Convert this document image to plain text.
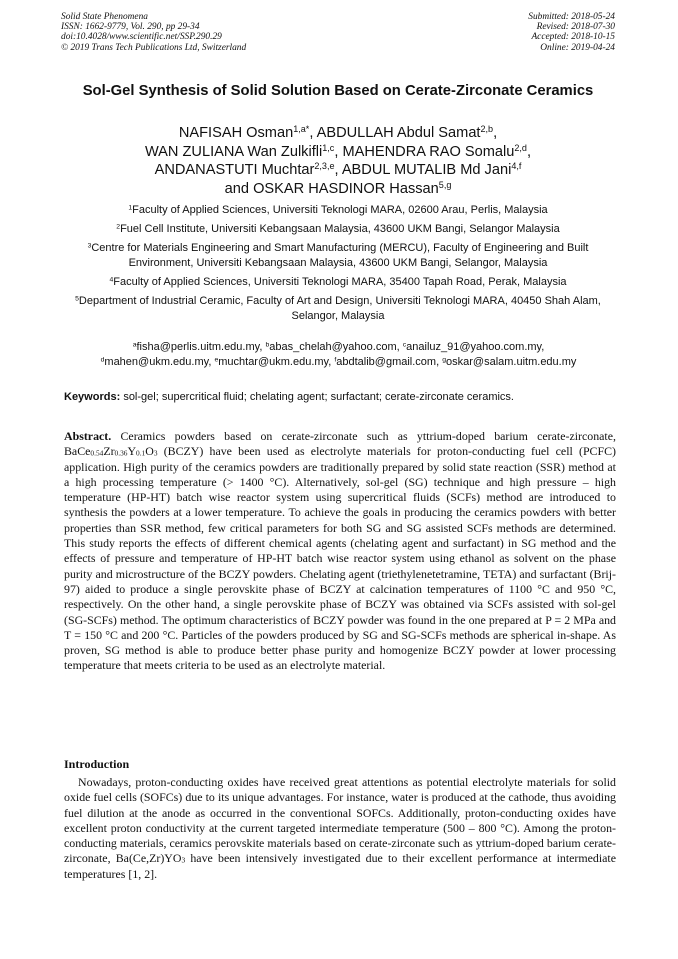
Solid State Phenomena
ISSN: 1662-9779, Vol. 290, pp 29-34
doi:10.4028/www.scientific.net/SSP.290.29
© 2019 Trans Tech Publications Ltd, Switzerland
Submitted: 2018-05-24
Revised: 2018-07-30
Accepted: 2018-10-15
Online: 2019-04-24
Sol-Gel Synthesis of Solid Solution Based on Cerate-Zirconate Ceramics
NAFISAH Osman$^{1,a*}$, ABDULLAH Abdul Samat$^{2,b}$,
WAN ZULIANA Wan Zulkifli$^{1,c}$, MAHENDRA RAO Somalu$^{2,d}$,
ANDANASTUTI Muchtar$^{2,3,e}$, ABDUL MUTALIB Md Jani$^{4,f}$
and OSKAR HASDINOR Hassan$^{5,g}$
$^1$Faculty of Applied Sciences, Universiti Teknologi MARA, 02600 Arau, Perlis, Malaysia
$^2$Fuel Cell Institute, Universiti Kebangsaan Malaysia, 43600 UKM Bangi, Selangor Malaysia
$^3$Centre for Materials Engineering and Smart Manufacturing (MERCU), Faculty of Engineering and Built Environment, Universiti Kebangsaan Malaysia, 43600 UKM Bangi, Selangor, Malaysia
$^4$Faculty of Applied Sciences, Universiti Teknologi MARA, 35400 Tapah Road, Perak, Malaysia
$^5$Department of Industrial Ceramic, Faculty of Art and Design, Universiti Teknologi MARA, 40450 Shah Alam, Selangor, Malaysia
$^a$fisha@perlis.uitm.edu.my, $^b$abas_chelah@yahoo.com, $^c$anailuz_91@yahoo.com.my,
$^d$mahen@ukm.edu.my, $^e$muchtar@ukm.edu.my, $^f$abdtalib@gmail.com, $^g$oskar@salam.uitm.edu.my
Keywords: sol-gel; supercritical fluid; chelating agent; surfactant; cerate-zirconate ceramics.
Abstract. Ceramics powders based on cerate-zirconate such as yttrium-doped barium cerate-zirconate, $BaCe_{0.54}Zr_{0.36}Y_{0.1}O_3$ (BCZY) have been used as electrolyte materials for proton-conducting fuel cell (PCFC) application. High purity of the ceramics powders are traditionally prepared by solid state reaction (SSR) method at a high processing temperature (> 1400 °C). Alternatively, sol-gel (SG) technique and high pressure – high temperature (HP-HT) batch wise reactor system using supercritical fluids (SCFs) method are introduced to synthesis the powders at a lower temperature. To achieve the goals in producing the ceramics powders with better properties than SSR method, few critical parameters for both SG and SG assisted SCFs methods are determined. This study reports the effects of different chemical agents (chelating agent and surfactant) in SG method and the effects of pressure and temperature of HP-HT batch wise reactor system using ethanol as solvent on the phase purity and microstructure of the BCZY powders. Chelating agent (triethylenetetramine, TETA) and surfactant (Brij-97) aided to produce a single perovskite phase of BCZY at calcination temperatures of 1100 °C and 950 °C, respectively. On the other hand, a single perovskite phase of BCZY was obtained via SCFs assisted with sol-gel (SG-SCFs) method. The optimum characteristics of BCZY powder was found in the one prepared at P = 2 MPa and T = 150 °C and 200 °C. Particles of the powders produced by SG and SG-SCFs methods are spherical in-shape. As proven, SG method is able to produce better phase purity and homogenize BCZY powder at lower processing temperature that meets criteria to be used as an electrolyte material.
Introduction
Nowadays, proton-conducting oxides have received great attentions as potential electrolyte materials for solid oxide fuel cells (SOFCs) due to its unique advantages. For instance, water is produced at the cathode, thus avoiding fuel dilution at the anode as occurred in the conventional SOFCs. Additionally, proton-conducting oxides have excellent proton conductivity at the current targeted intermediate temperature (500 – 800 °C). Among the proton-conducting materials, ceramics perovskite materials based on cerate-zirconate such as yttrium-doped barium cerate-zirconate, $Ba(Ce,Zr)YO_3$ have been intensively investigated due to their excellent performance at intermediate temperatures [1, 2].
